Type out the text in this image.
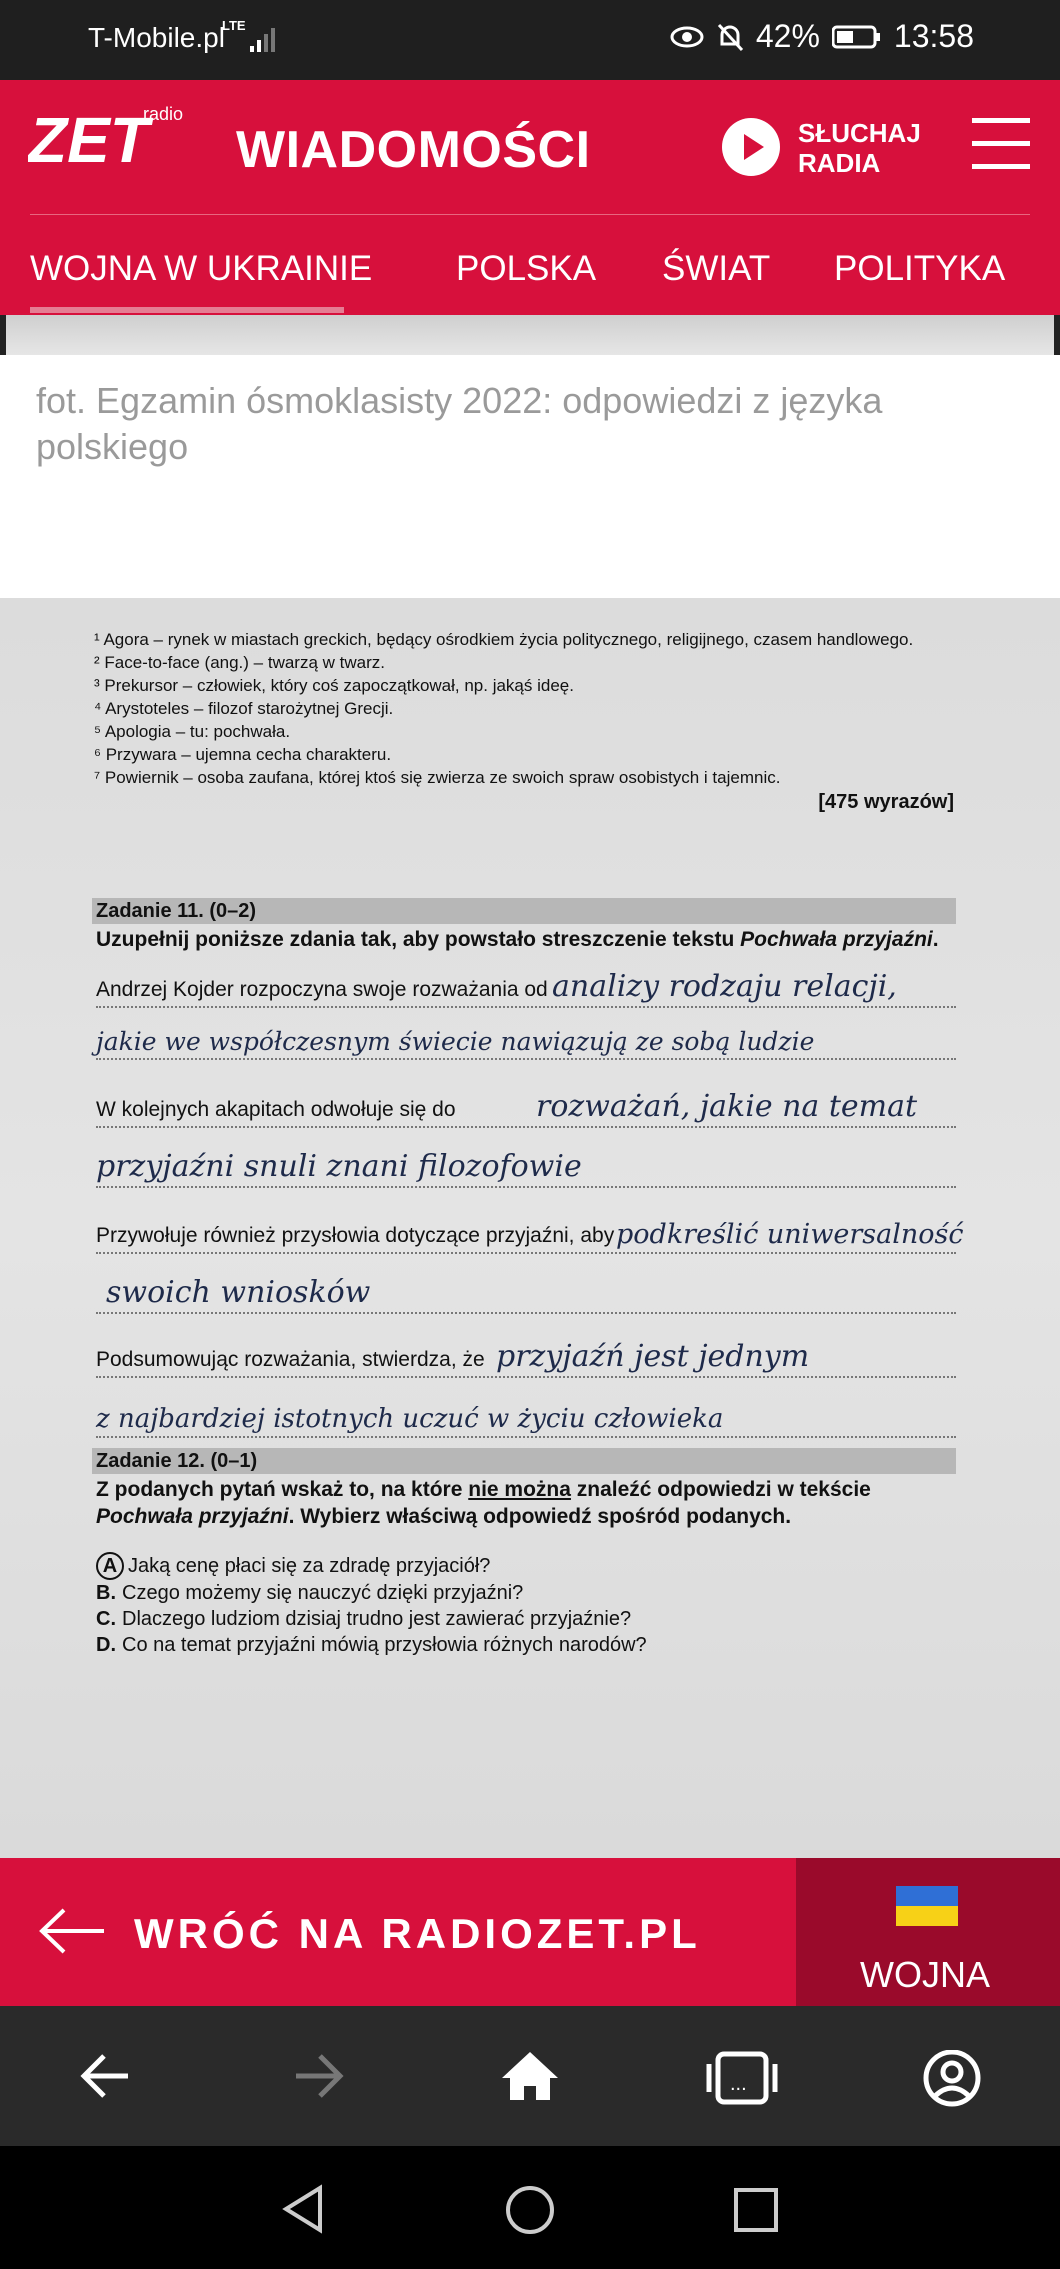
T-Mobile.pl
LTE	42% 13:58
ZET
radio
WIADOMOŚCI	SŁUCHAJ
RADIA
WOJNA W UKRAINIE POLSKA ŚWIAT POLITYKA
fot. Egzamin ósmoklasisty 2022: odpowiedzi z języka polskiego
¹ Agora – rynek w miastach greckich, będący ośrodkiem życia politycznego, religijnego, czasem handlowego.
² Face-to-face (ang.) – twarzą w twarz.
³ Prekursor – człowiek, który coś zapoczątkował, np. jakąś ideę.
⁴ Arystoteles – filozof starożytnej Grecji.
⁵ Apologia – tu: pochwała.
⁶ Przywara – ujemna cecha charakteru.
⁷ Powiernik – osoba zaufana, której ktoś się zwierza ze swoich spraw osobistych i tajemnic.
[475 wyrazów]
Zadanie 11. (0–2)
Uzupełnij poniższe zdania tak, aby powstało streszczenie tekstu Pochwała przyjaźni.
Andrzej Kojder rozpoczyna swoje rozważania od analizy rodzaju relacji,
jakie we współczesnym świecie nawiązują ze sobą ludzie
W kolejnych akapitach odwołuje się do	rozważań, jakie na temat
przyjaźni snuli znani filozofowie
Przywołuje również przysłowia dotyczące przyjaźni, aby podkreślić uniwersalność
swoich wniosków
Podsumowując rozważania, stwierdza, że przyjaźń jest jednym
z najbardziej istotnych uczuć w życiu człowieka
Zadanie 12. (0–1)
Z podanych pytań wskaż to, na które nie można znaleźć odpowiedzi w tekście
Pochwała przyjaźni. Wybierz właściwą odpowiedź spośród podanych.
A Jaką cenę płaci się za zdradę przyjaciół?
B. Czego możemy się nauczyć dzięki przyjaźni?
C. Dlaczego ludziom dzisiaj trudno jest zawierać przyjaźnie?
D. Co na temat przyjaźni mówią przysłowia różnych narodów?
WRÓĆ NA RADIOZET.PL
WOJNA
...
